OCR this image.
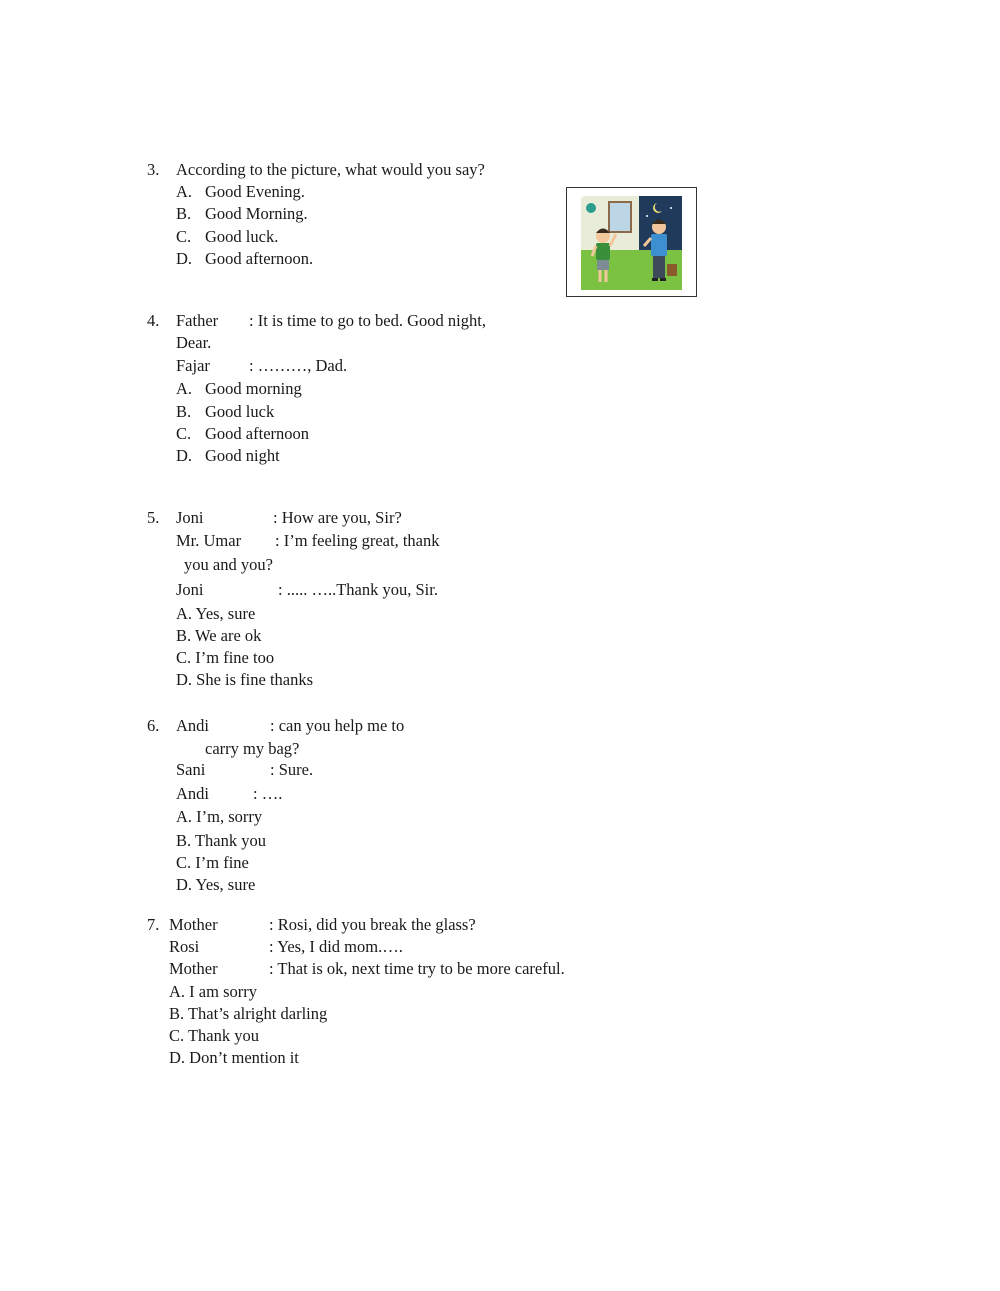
3. According to the picture, what would you say?
A. Good Evening.
B. Good Morning.
C. Good luck.
D. Good afternoon.
4. Father : It is time to go to bed. Good night,
Dear.
Fajar : ………, Dad.
A. Good morning
B. Good luck
C. Good afternoon
D. Good night
5. Joni	: How are you, Sir?
Mr. Umar : I’m feeling great, thank
you and you?
Joni	: ..... …..Thank you, Sir.
A. Yes, sure
B. We are ok
C. I’m fine too
D. She is fine thanks
6. Andi	: can you help me to
carry my bag?
Sani	: Sure.
Andi	: ….
A. I’m, sorry
B. Thank you
C. I’m fine
D. Yes, sure
7. Mother	: Rosi, did you break the glass?
Rosi	: Yes, I did mom.….
Mother	: That is ok, next time try to be more careful.
A. I am sorry
B. That’s alright darling
C. Thank you
D. Don’t mention it
